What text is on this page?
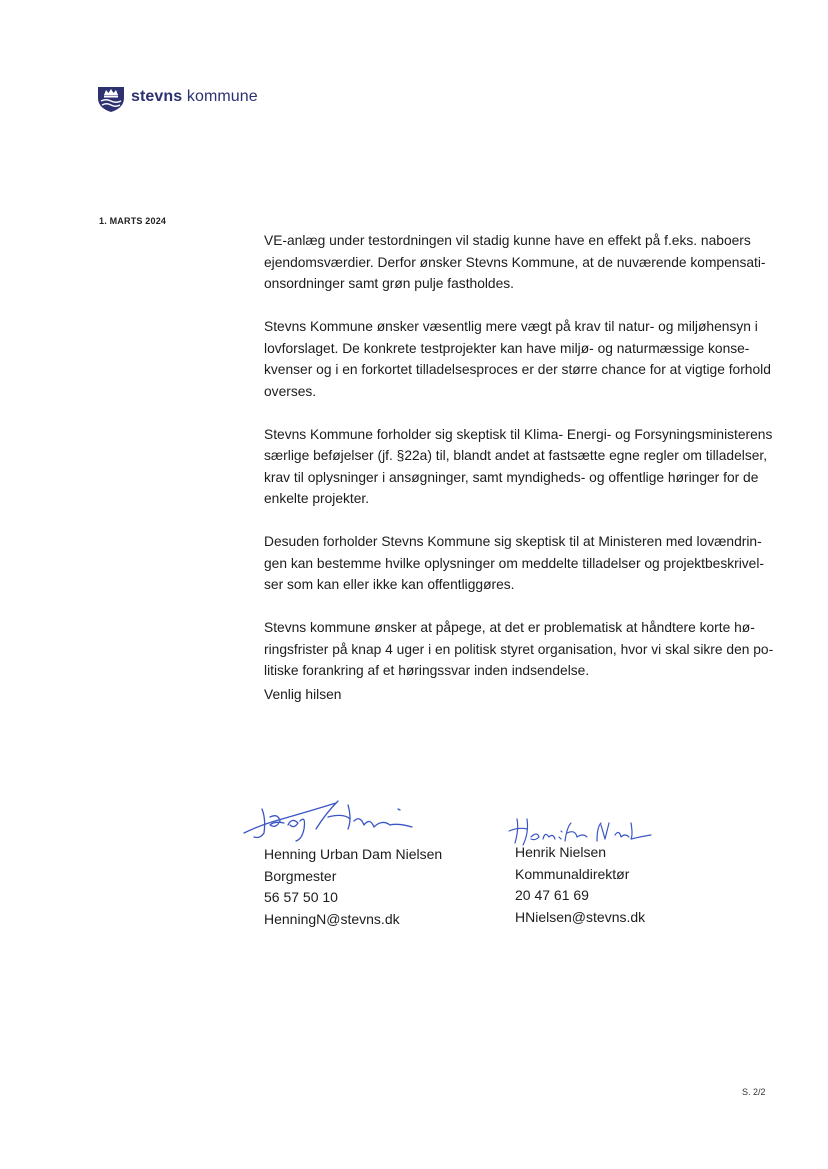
stevns kommune
1. MARTS 2024

VE-anlæg under testordningen vil stadig kunne have en effekt på f.eks. naboers
ejendomsværdier. Derfor ønsker Stevns Kommune, at de nuværende kompensati-
onsordninger samt grøn pulje fastholdes.

Stevns Kommune ønsker væsentlig mere vægt på krav til natur- og miljøhensyn i
lovforslaget. De konkrete testprojekter kan have miljø- og naturmæssige konse-
kvenser og i en forkortet tilladelsesproces er der større chance for at vigtige forhold
overses.

Stevns Kommune forholder sig skeptisk til Klima- Energi- og Forsyningsministerens
særlige beføjelser (jf. §22a) til, blandt andet at fastsætte egne regler om tilladelser,
krav til oplysninger i ansøgninger, samt myndigheds- og offentlige høringer for de
enkelte projekter.

Desuden forholder Stevns Kommune sig skeptisk til at Ministeren med lovændrin-
gen kan bestemme hvilke oplysninger om meddelte tilladelser og projektbeskrivel-
ser som kan eller ikke kan offentliggøres.

Stevns kommune ønsker at påpege, at det er problematisk at håndtere korte hø-
ringsfrister på knap 4 uger i en politisk styret organisation, hvor vi skal sikre den po-
litiske forankring af et høringssvar inden indsendelse.

Venlig hilsen
Henning Urban Dam Nielsen
Borgmester
56 57 50 10
HenningN@stevns.dk
Henrik Nielsen
Kommunaldirektør
20 47 61 69
HNielsen@stevns.dk
S. 2/2
